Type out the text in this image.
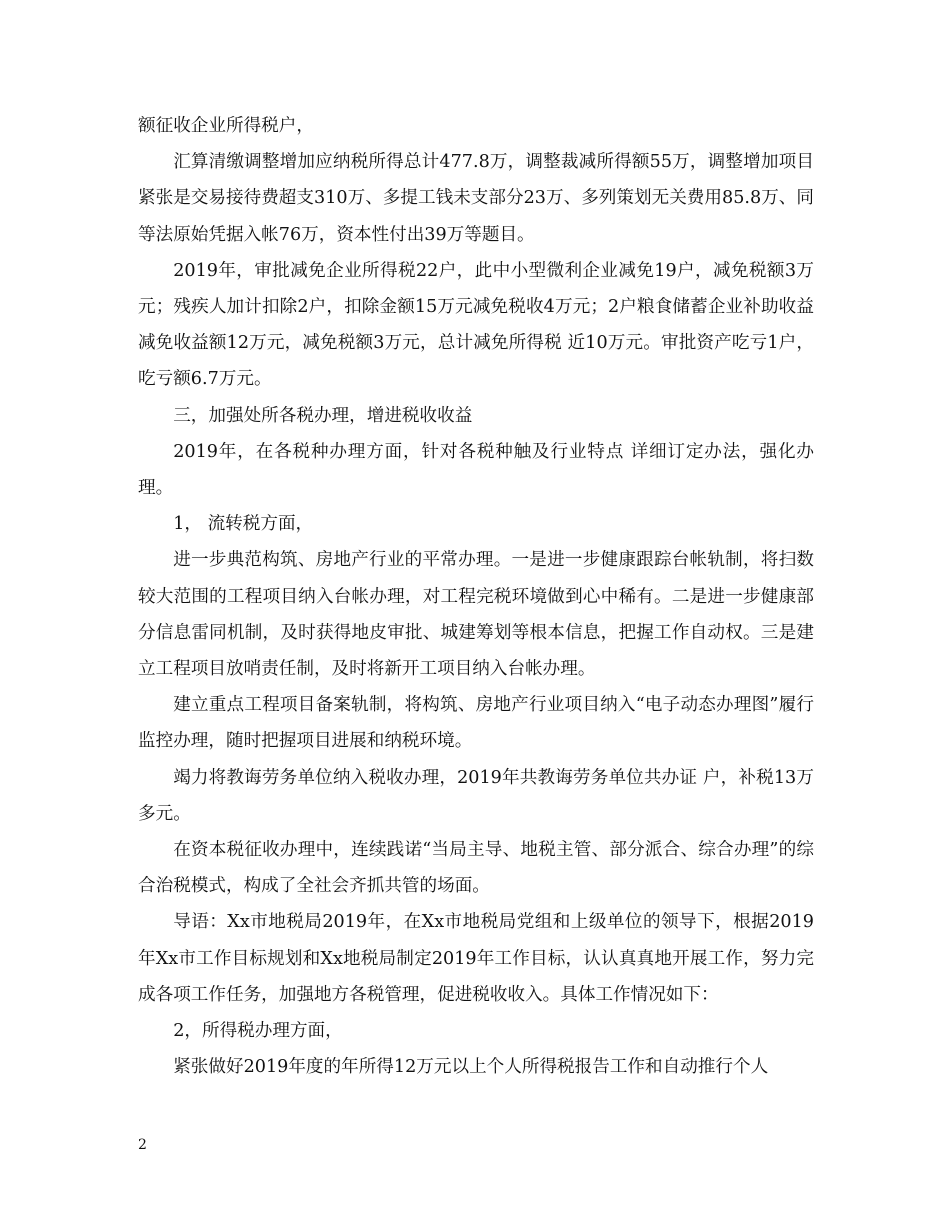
额征收企业所得税户，

汇算清缴调整增加应纳税所得总计477.8万，调整裁减所得额55万，调整增加项目紧张是交易接待费超支310万、多提工钱未支部分23万、多列策划无关费用85.8万、同等法原始凭据入帐76万，资本性付出39万等题目。

2019年，审批减免企业所得税22户，此中小型微利企业减免19户，减免税额3万元；残疾人加计扣除2户，扣除金额15万元减免税收4万元；2户粮食储蓄企业补助收益减免收益额12万元，减免税额3万元，总计减免所得税 近10万元。审批资产吃亏1户，吃亏额6.7万元。

三，加强处所各税办理，增进税收收益

2019年，在各税种办理方面，针对各税种触及行业特点 详细订定办法，强化办理。

1， 流转税方面，

进一步典范构筑、房地产行业的平常办理。一是进一步健康跟踪台帐轨制，将扫数较大范围的工程项目纳入台帐办理，对工程完税环境做到心中稀有。二是进一步健康部分信息雷同机制，及时获得地皮审批、城建筹划等根本信息，把握工作自动权。三是建立工程项目放哨责任制，及时将新开工项目纳入台帐办理。

建立重点工程项目备案轨制，将构筑、房地产行业项目纳入“电子动态办理图”履行监控办理，随时把握项目进展和纳税环境。

竭力将教诲劳务单位纳入税收办理，2019年共教诲劳务单位共办证 户，补税13万多元。

在资本税征收办理中，连续践诺“当局主导、地税主管、部分派合、综合办理”的综合治税模式，构成了全社会齐抓共管的场面。

导语：Xx市地税局2019年，在Xx市地税局党组和上级单位的领导下，根据2019年Xx市工作目标规划和Xx地税局制定2019年工作目标，认认真真地开展工作，努力完成各项工作任务，加强地方各税管理，促进税收收入。具体工作情况如下：

2，所得税办理方面，

紧张做好2019年度的年所得12万元以上个人所得税报告工作和自动推行个人

2
